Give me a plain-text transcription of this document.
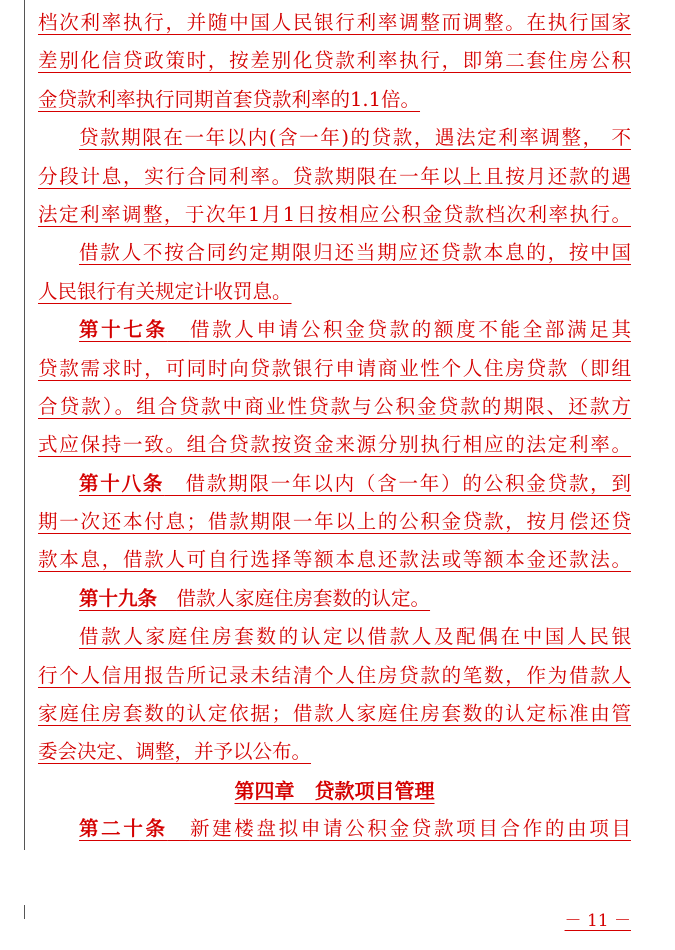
档次利率执行，并随中国人民银行利率调整而调整。在执行国家
差别化信贷政策时，按差别化贷款利率执行，即第二套住房公积
金贷款利率执行同期首套贷款利率的1.1倍。
贷款期限在一年以内(含一年)的贷款，遇法定利率调整， 不
分段计息，实行合同利率。贷款期限在一年以上且按月还款的遇
法定利率调整，于次年1月1日按相应公积金贷款档次利率执行。
借款人不按合同约定期限归还当期应还贷款本息的，按中国
人民银行有关规定计收罚息。
第十七条　 借款人申请公积金贷款的额度不能全部满足其
贷款需求时，可同时向贷款银行申请商业性个人住房贷款（即组
合贷款）。组合贷款中商业性贷款与公积金贷款的期限、还款方
式应保持一致。组合贷款按资金来源分别执行相应的法定利率。
第十八条　 借款期限一年以内（含一年）的公积金贷款，到
期一次还本付息；借款期限一年以上的公积金贷款，按月偿还贷
款本息，借款人可自行选择等额本息还款法或等额本金还款法。
第十九条　 借款人家庭住房套数的认定。
借款人家庭住房套数的认定以借款人及配偶在中国人民银
行个人信用报告所记录未结清个人住房贷款的笔数，作为借款人
家庭住房套数的认定依据；借款人家庭住房套数的认定标准由管
委会决定、调整，并予以公布。
第四章　贷款项目管理
第二十条　 新建楼盘拟申请公积金贷款项目合作的由项目
－ 11 －
